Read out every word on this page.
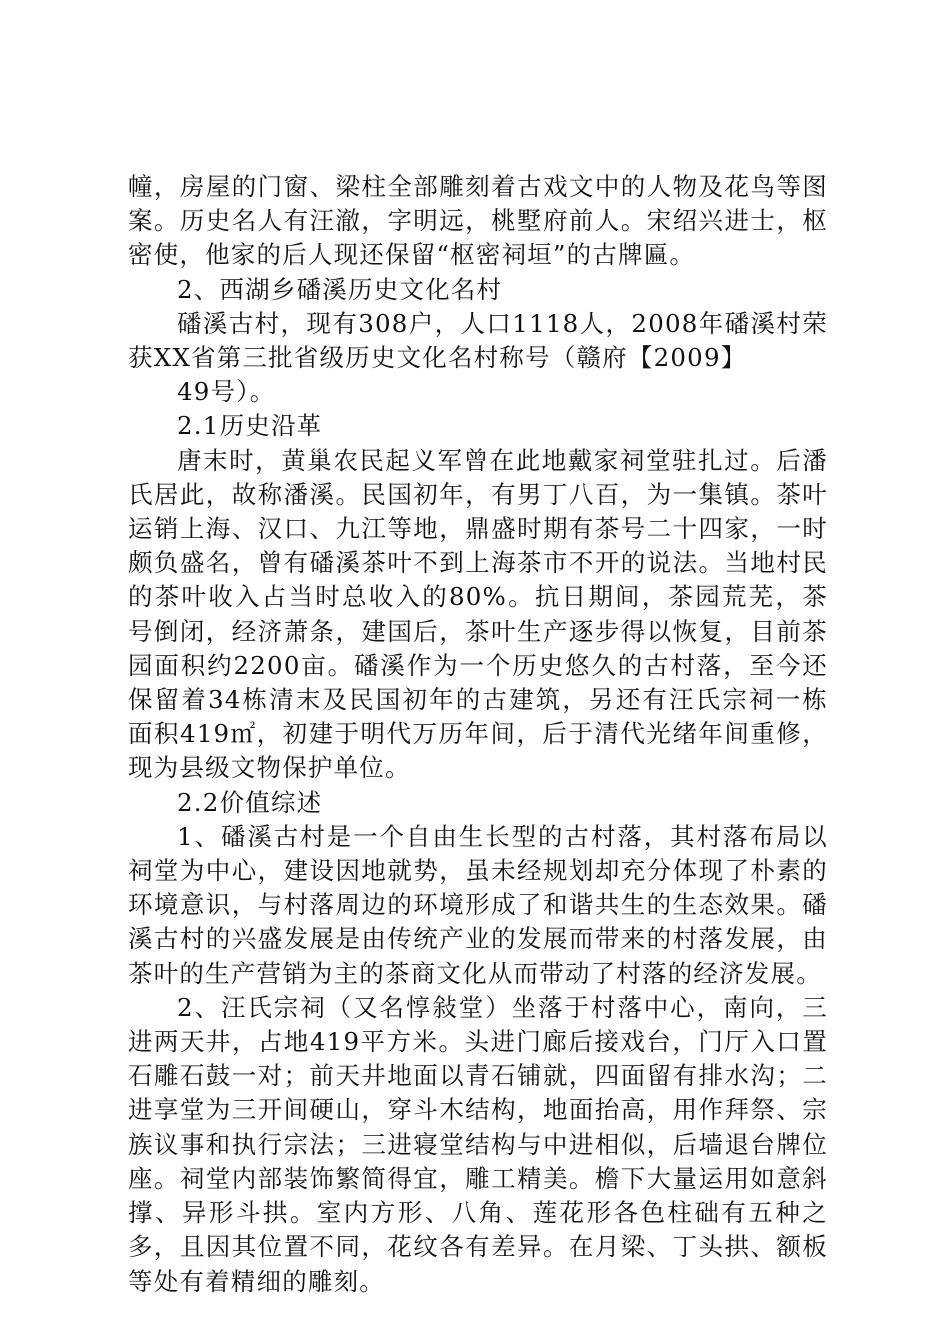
幢，房屋的门窗、梁柱全部雕刻着古戏文中的人物及花鸟等图案。历史名人有汪澈，字明远，桃墅府前人。宋绍兴进士，枢密使，他家的后人现还保留“枢密祠垣”的古牌匾。

2、西湖乡磻溪历史文化名村

磻溪古村，现有308户，人口1118人，2008年磻溪村荣获XX省第三批省级历史文化名村称号（赣府【2009】

49号）。

2.1历史沿革

唐末时，黄巢农民起义军曾在此地戴家祠堂驻扎过。后潘氏居此，故称潘溪。民国初年，有男丁八百，为一集镇。茶叶运销上海、汉口、九江等地，鼎盛时期有茶号二十四家，一时颇负盛名，曾有磻溪茶叶不到上海茶市不开的说法。当地村民的茶叶收入占当时总收入的80%。抗日期间，茶园荒芜，茶号倒闭，经济萧条，建国后，茶叶生产逐步得以恢复，目前茶园面积约2200亩。磻溪作为一个历史悠久的古村落，至今还保留着34栋清末及民国初年的古建筑，另还有汪氏宗祠一栋面积419㎡，初建于明代万历年间，后于清代光绪年间重修，现为县级文物保护单位。

2.2价值综述

1、磻溪古村是一个自由生长型的古村落，其村落布局以祠堂为中心，建设因地就势，虽未经规划却充分体现了朴素的环境意识，与村落周边的环境形成了和谐共生的生态效果。磻溪古村的兴盛发展是由传统产业的发展而带来的村落发展，由茶叶的生产营销为主的茶商文化从而带动了村落的经济发展。

2、汪氏宗祠（又名惇敍堂）坐落于村落中心，南向，三进两天井，占地419平方米。头进门廊后接戏台，门厅入口置石雕石鼓一对；前天井地面以青石铺就，四面留有排水沟；二进享堂为三开间硬山，穿斗木结构，地面抬高，用作拜祭、宗族议事和执行宗法；三进寝堂结构与中进相似，后墙退台牌位座。祠堂内部装饰繁简得宜，雕工精美。檐下大量运用如意斜撑、异形斗拱。室内方形、八角、莲花形各色柱础有五种之多，且因其位置不同，花纹各有差异。在月梁、丁头拱、额板等处有着精细的雕刻。
